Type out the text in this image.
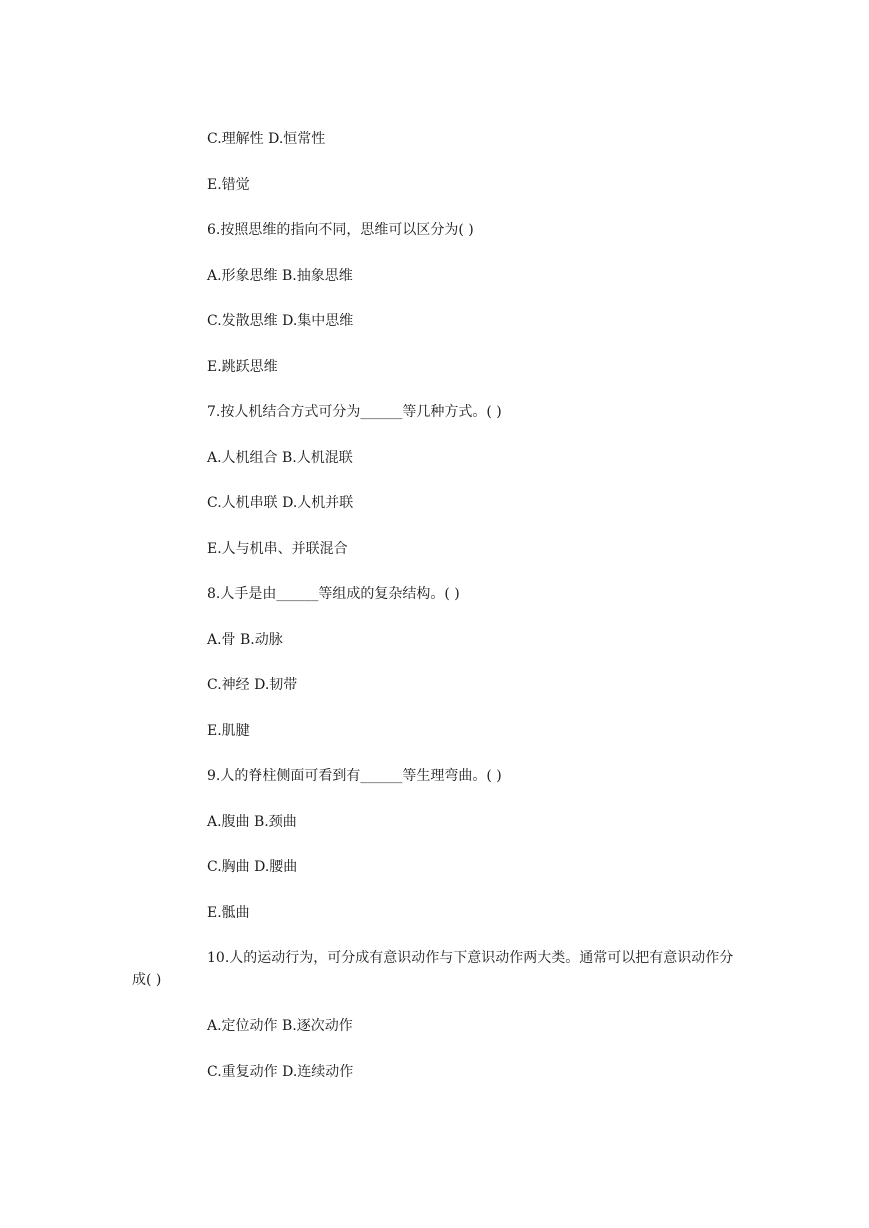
C.理解性 D.恒常性
E.错觉
6.按照思维的指向不同，思维可以区分为( )
A.形象思维 B.抽象思维
C.发散思维 D.集中思维
E.跳跃思维
7.按人机结合方式可分为______等几种方式。( )
A.人机组合 B.人机混联
C.人机串联 D.人机并联
E.人与机串、并联混合
8.人手是由______等组成的复杂结构。( )
A.骨 B.动脉
C.神经 D.韧带
E.肌腱
9.人的脊柱侧面可看到有______等生理弯曲。( )
A.腹曲 B.颈曲
C.胸曲 D.腰曲
E.骶曲
10.人的运动行为，可分成有意识动作与下意识动作两大类。通常可以把有意识动作分成( )
A.定位动作 B.逐次动作
C.重复动作 D.连续动作
